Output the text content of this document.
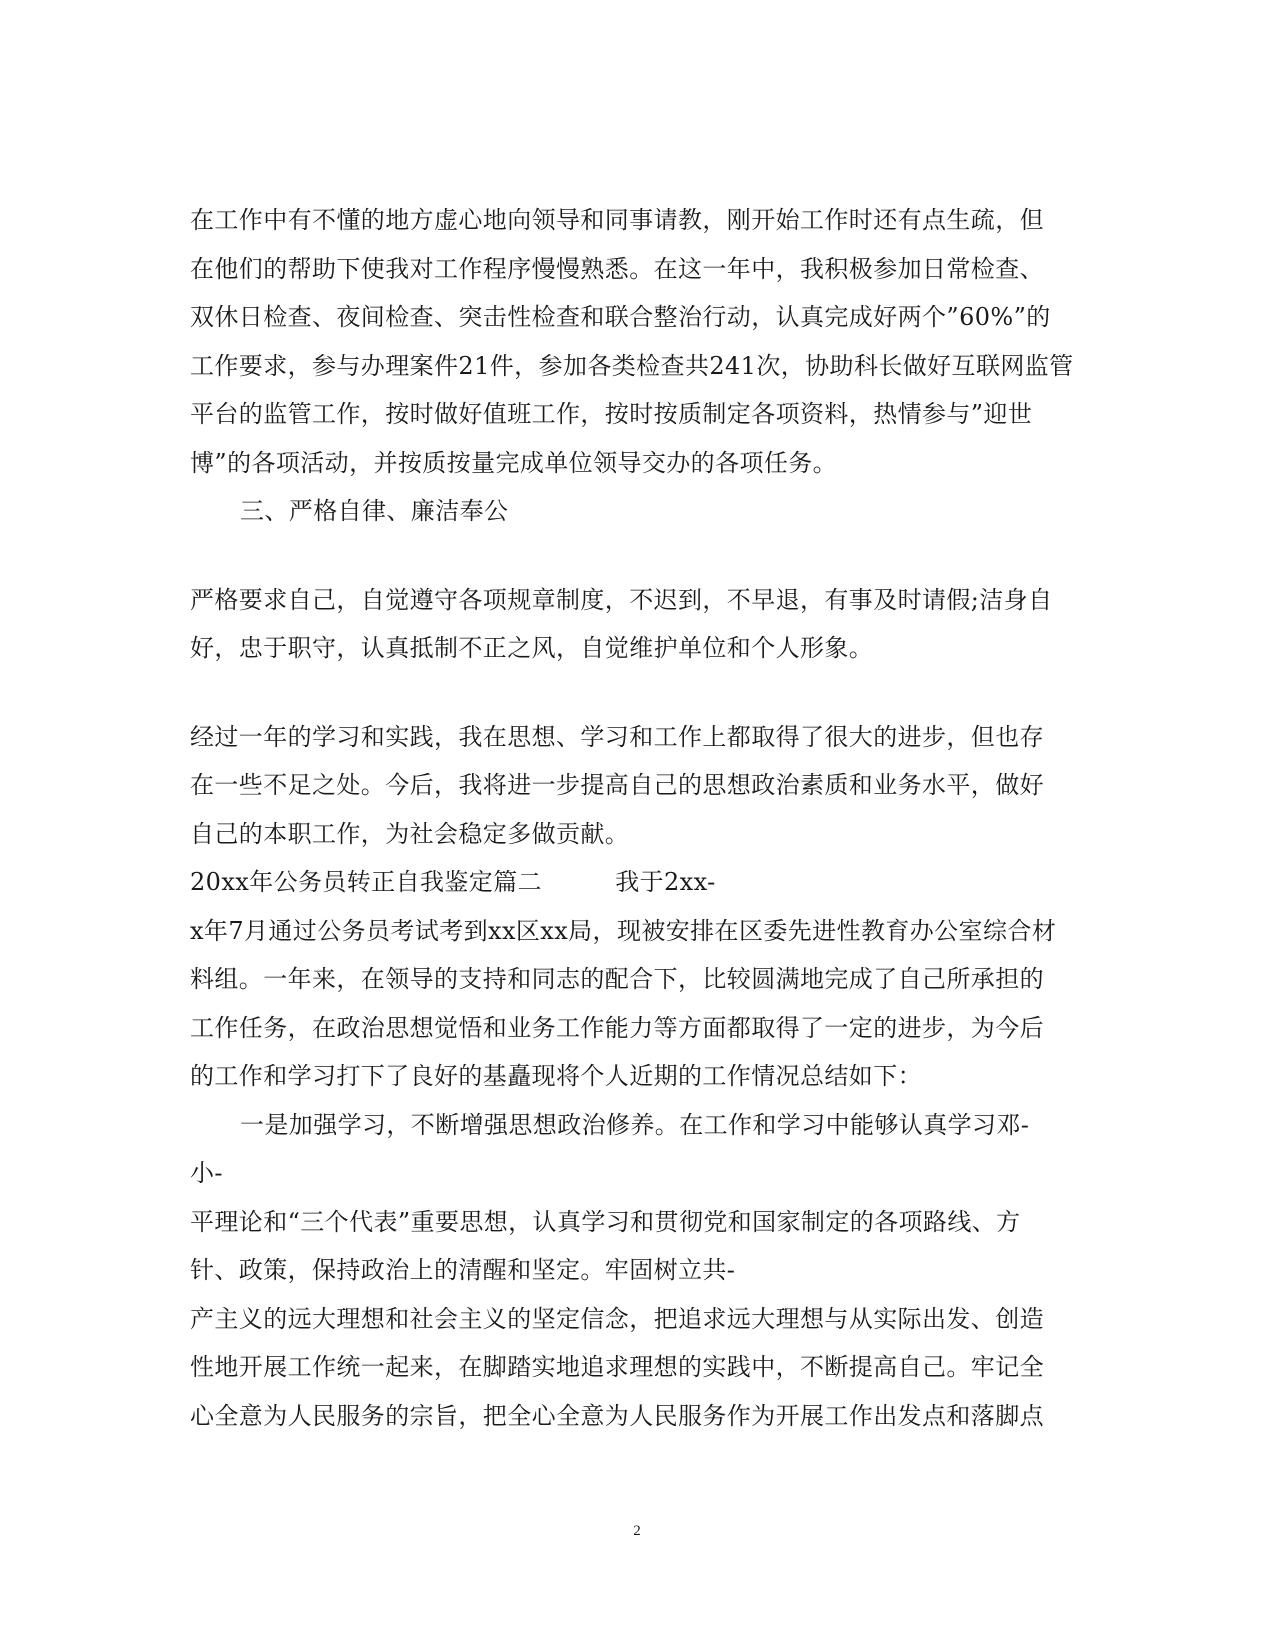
在工作中有不懂的地方虚心地向领导和同事请教，刚开始工作时还有点生疏，但
在他们的帮助下使我对工作程序慢慢熟悉。在这一年中，我积极参加日常检查、
双休日检查、夜间检查、突击性检查和联合整治行动，认真完成好两个”60%”的
工作要求，参与办理案件21件，参加各类检查共241次，协助科长做好互联网监管
平台的监管工作，按时做好值班工作，按时按质制定各项资料，热情参与”迎世
博”的各项活动，并按质按量完成单位领导交办的各项任务。
三、严格自律、廉洁奉公
严格要求自己，自觉遵守各项规章制度，不迟到，不早退，有事及时请假;洁身自
好，忠于职守，认真抵制不正之风，自觉维护单位和个人形象。
经过一年的学习和实践，我在思想、学习和工作上都取得了很大的进步，但也存
在一些不足之处。今后，我将进一步提高自己的思想政治素质和业务水平，做好
自己的本职工作，为社会稳定多做贡献。
20xx年公务员转正自我鉴定篇二　　　我于2xx-
x年7月通过公务员考试考到xx区xx局，现被安排在区委先进性教育办公室综合材
料组。一年来，在领导的支持和同志的配合下，比较圆满地完成了自己所承担的
工作任务，在政治思想觉悟和业务工作能力等方面都取得了一定的进步，为今后
的工作和学习打下了良好的基矗现将个人近期的工作情况总结如下：
一是加强学习，不断增强思想政治修养。在工作和学习中能够认真学习邓-
小-
平理论和“三个代表”重要思想，认真学习和贯彻党和国家制定的各项路线、方
针、政策，保持政治上的清醒和坚定。牢固树立共-
产主义的远大理想和社会主义的坚定信念，把追求远大理想与从实际出发、创造
性地开展工作统一起来，在脚踏实地追求理想的实践中，不断提高自己。牢记全
心全意为人民服务的宗旨，把全心全意为人民服务作为开展工作出发点和落脚点
2
